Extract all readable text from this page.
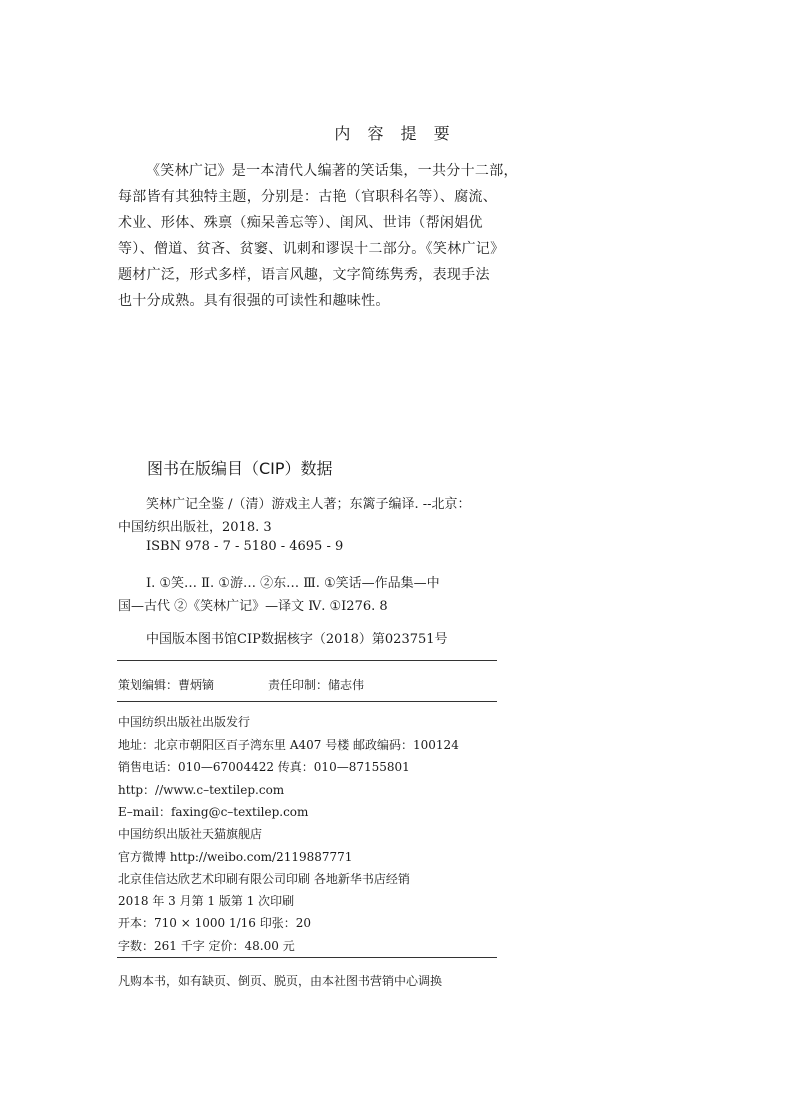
内 容 提 要
《笑林广记》是一本清代人编著的笑话集，一共分十二部，
每部皆有其独特主题，分别是：古艳（官职科名等）、腐流、
术业、形体、殊禀（痴呆善忘等）、闺风、世讳（帮闲娼优
等）、僧道、贫吝、贫窭、讥刺和谬误十二部分。《笑林广记》
题材广泛，形式多样，语言风趣，文字简练隽秀，表现手法
也十分成熟。具有很强的可读性和趣味性。
图书在版编目（CIP）数据
笑林广记全鉴 /（清）游戏主人著；东篱子编译. --北京：
中国纺织出版社，2018. 3
ISBN 978 - 7 - 5180 - 4695 - 9
Ⅰ. ①笑… Ⅱ. ①游… ②东… Ⅲ. ①笑话—作品集—中
国—古代 ②《笑林广记》—译文 Ⅳ. ①I276. 8
中国版本图书馆CIP数据核字（2018）第023751号
策划编辑：曹炳镝	责任印制：储志伟
中国纺织出版社出版发行
地址：北京市朝阳区百子湾东里 A407 号楼 邮政编码：100124
销售电话：010—67004422 传真：010—87155801
http：//www.c–textilep.com
E–mail：faxing@c–textilep.com
中国纺织出版社天猫旗舰店
官方微博 http://weibo.com/2119887771
北京佳信达欣艺术印刷有限公司印刷 各地新华书店经销
2018 年 3 月第 1 版第 1 次印刷
开本：710 × 1000 1/16 印张：20
字数：261 千字 定价：48.00 元
凡购本书，如有缺页、倒页、脱页，由本社图书营销中心调换
